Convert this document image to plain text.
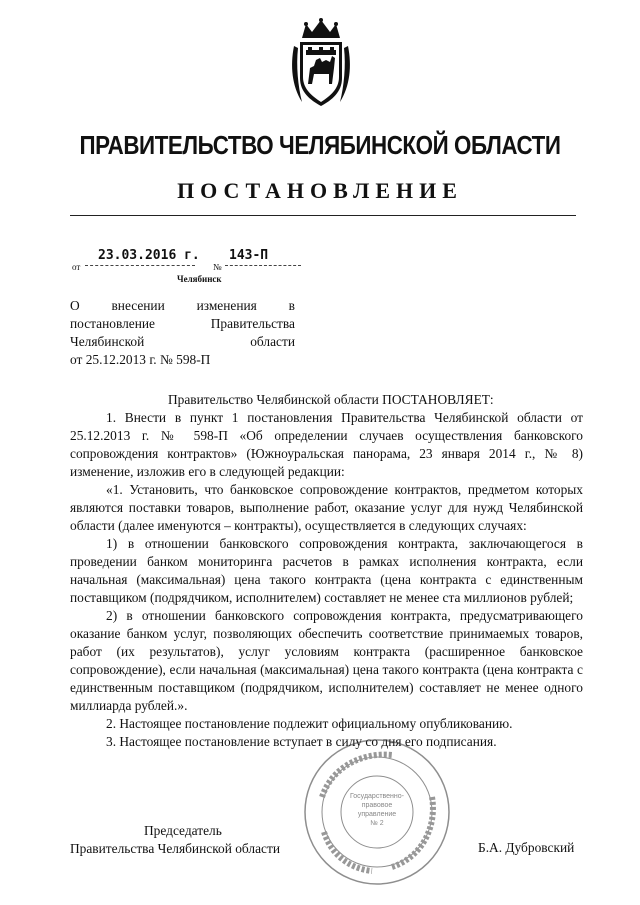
ПРАВИТЕЛЬСТВО ЧЕЛЯБИНСКОЙ ОБЛАСТИ
ПОСТАНОВЛЕНИЕ
от
23.03.2016 г.
№
143-П
Челябинск

О внесении изменения в

постановление	Правительства

Челябинской	области

от 25.12.2013 г. № 598-П

Правительство Челябинской области ПОСТАНОВЛЯЕТ:

1. Внести в пункт 1 постановления Правительства Челябинской области от 25.12.2013 г. № 598-П «Об определении случаев осуществления банковского сопровождения контрактов» (Южноуральская панорама, 23 января 2014 г., № 8) изменение, изложив его в следующей редакции:

«1. Установить, что банковское сопровождение контрактов, предметом которых являются поставки товаров, выполнение работ, оказание услуг для нужд Челябинской области (далее именуются – контракты), осуществляется в следующих случаях:

1) в отношении банковского сопровождения контракта, заключающегося в проведении банком мониторинга расчетов в рамках исполнения контракта, если начальная (максимальная) цена такого контракта (цена контракта с единственным поставщиком (подрядчиком, исполнителем) составляет не менее ста миллионов рублей;

2) в отношении банковского сопровождения контракта, предусматривающего оказание банком услуг, позволяющих обеспечить соответствие принимаемых товаров, работ (их результатов), услуг условиям контракта (расширенное банковское сопровождение), если начальная (максимальная) цена такого контракта (цена контракта с единственным поставщиком (подрядчиком, исполнителем) составляет не менее одного миллиарда рублей.».

2. Настоящее постановление подлежит официальному опубликованию.

3. Настоящее постановление вступает в силу со дня его подписания.

Государственно-
правовое
управление
№ 2
Председатель
Правительства Челябинской области	Б.А. Дубровский
